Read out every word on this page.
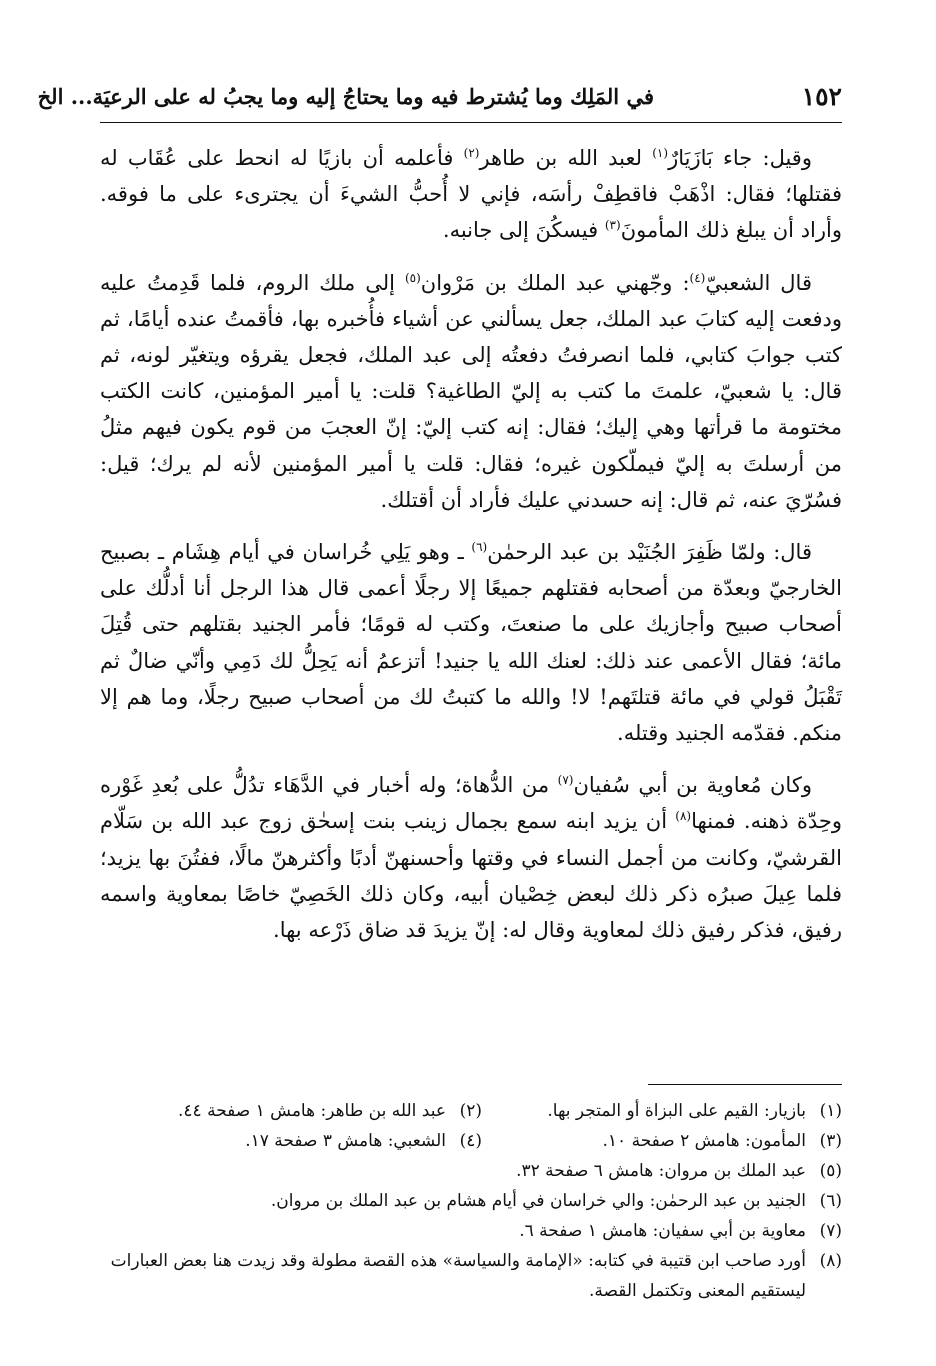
١٥٢
في المَلِك وما يُشترط فيه وما يحتاجُ إليه وما يجبُ له على الرعيَة... الخ

وقيل: جاء بَازَيَارٌ$^{(١)}$ لعبد الله بن طاهر$^{(٢)}$ فأعلمه أن بازيًا له انحط على عُقَاب له فقتلها؛ فقال: اذْهَبْ فاقطِفْ رأسَه، فإني لا أُحبُّ الشيءَ أن يجترىء على ما فوقه. وأراد أن يبلغ ذلك المأمونَ$^{(٣)}$ فيسكُنَ إلى جانبه.

قال الشعبيّ$^{(٤)}$: وجّهني عبد الملك بن مَرْوان$^{(٥)}$ إلى ملك الروم، فلما قَدِمتُ عليه ودفعت إليه كتابَ عبد الملك، جعل يسألني عن أشياء فأُخبره بها، فأقمتُ عنده أيامًا، ثم كتب جوابَ كتابي، فلما انصرفتُ دفعتُه إلى عبد الملك، فجعل يقرؤه ويتغيّر لونه، ثم قال: يا شعبيّ، علمتَ ما كتب به إليّ الطاغية؟ قلت: يا أمير المؤمنين، كانت الكتب مختومة ما قرأتها وهي إليك؛ فقال: إنه كتب إليّ: إنّ العجبَ من قوم يكون فيهم مثلُ من أرسلتَ به إليّ فيملّكون غيره؛ فقال: قلت يا أمير المؤمنين لأنه لم يرك؛ قيل: فسُرّيَ عنه، ثم قال: إنه حسدني عليك فأراد أن أقتلك.

قال: ولمّا ظَفِرَ الجُنَيْد بن عبد الرحمٰن$^{(٦)}$ ـ وهو يَلِي خُراسان في أيام هِشَام ـ بصبيح الخارجيّ وبعدّة من أصحابه فقتلهم جميعًا إلا رجلًا أعمى قال هذا الرجل أنا أدلُّك على أصحاب صبيح وأجازيك على ما صنعتَ، وكتب له قومًا؛ فأمر الجنيد بقتلهم حتى قُتِلَ مائة؛ فقال الأعمى عند ذلك: لعنك الله يا جنيد! أتزعمُ أنه يَحِلُّ لك دَمِي وأنّي ضالٌ ثم تَقْبَلُ قولي في مائة قتلتَهم! لا! والله ما كتبتُ لك من أصحاب صبيح رجلًا، وما هم إلا منكم. فقدّمه الجنيد وقتله.

وكان مُعاوية بن أبي سُفيان$^{(٧)}$ من الدُّهاة؛ وله أخبار في الدَّهَاء تدُلُّ على بُعدِ غَوْره وحِدّة ذهنه. فمنها$^{(٨)}$ أن يزيد ابنه سمع بجمال زينب بنت إسحٰق زوج عبد الله بن سَلّام القرشيّ، وكانت من أجمل النساء في وقتها وأحسنهنّ أدبًا وأكثرهنّ مالًا، ففتُنَ بها يزيد؛ فلما عِيلَ صبرُه ذكر ذلك لبعض خِصْيان أبيه، وكان ذلك الخَصِيّ خاصًا بمعاوية واسمه رفيق، فذكر رفيق ذلك لمعاوية وقال له: إنّ يزيدَ قد ضاق ذَرْعه بها.

(١)
بازيار: القيم على البزاة أو المتجر بها.
(٢)
عبد الله بن طاهر: هامش ١ صفحة ٤٤.
(٣)
المأمون: هامش ٢ صفحة ١٠.
(٤)
الشعبي: هامش ٣ صفحة ١٧.
(٥)
عبد الملك بن مروان: هامش ٦ صفحة ٣٢.
(٦)
الجنيد بن عبد الرحمٰن: والي خراسان في أيام هشام بن عبد الملك بن مروان.
(٧)
معاوية بن أبي سفيان: هامش ١ صفحة ٦.
(٨)
أورد صاحب ابن قتيبة في كتابه: «الإمامة والسياسة» هذه القصة مطولة وقد زيدت هنا بعض العبارات ليستقيم المعنى وتكتمل القصة.
